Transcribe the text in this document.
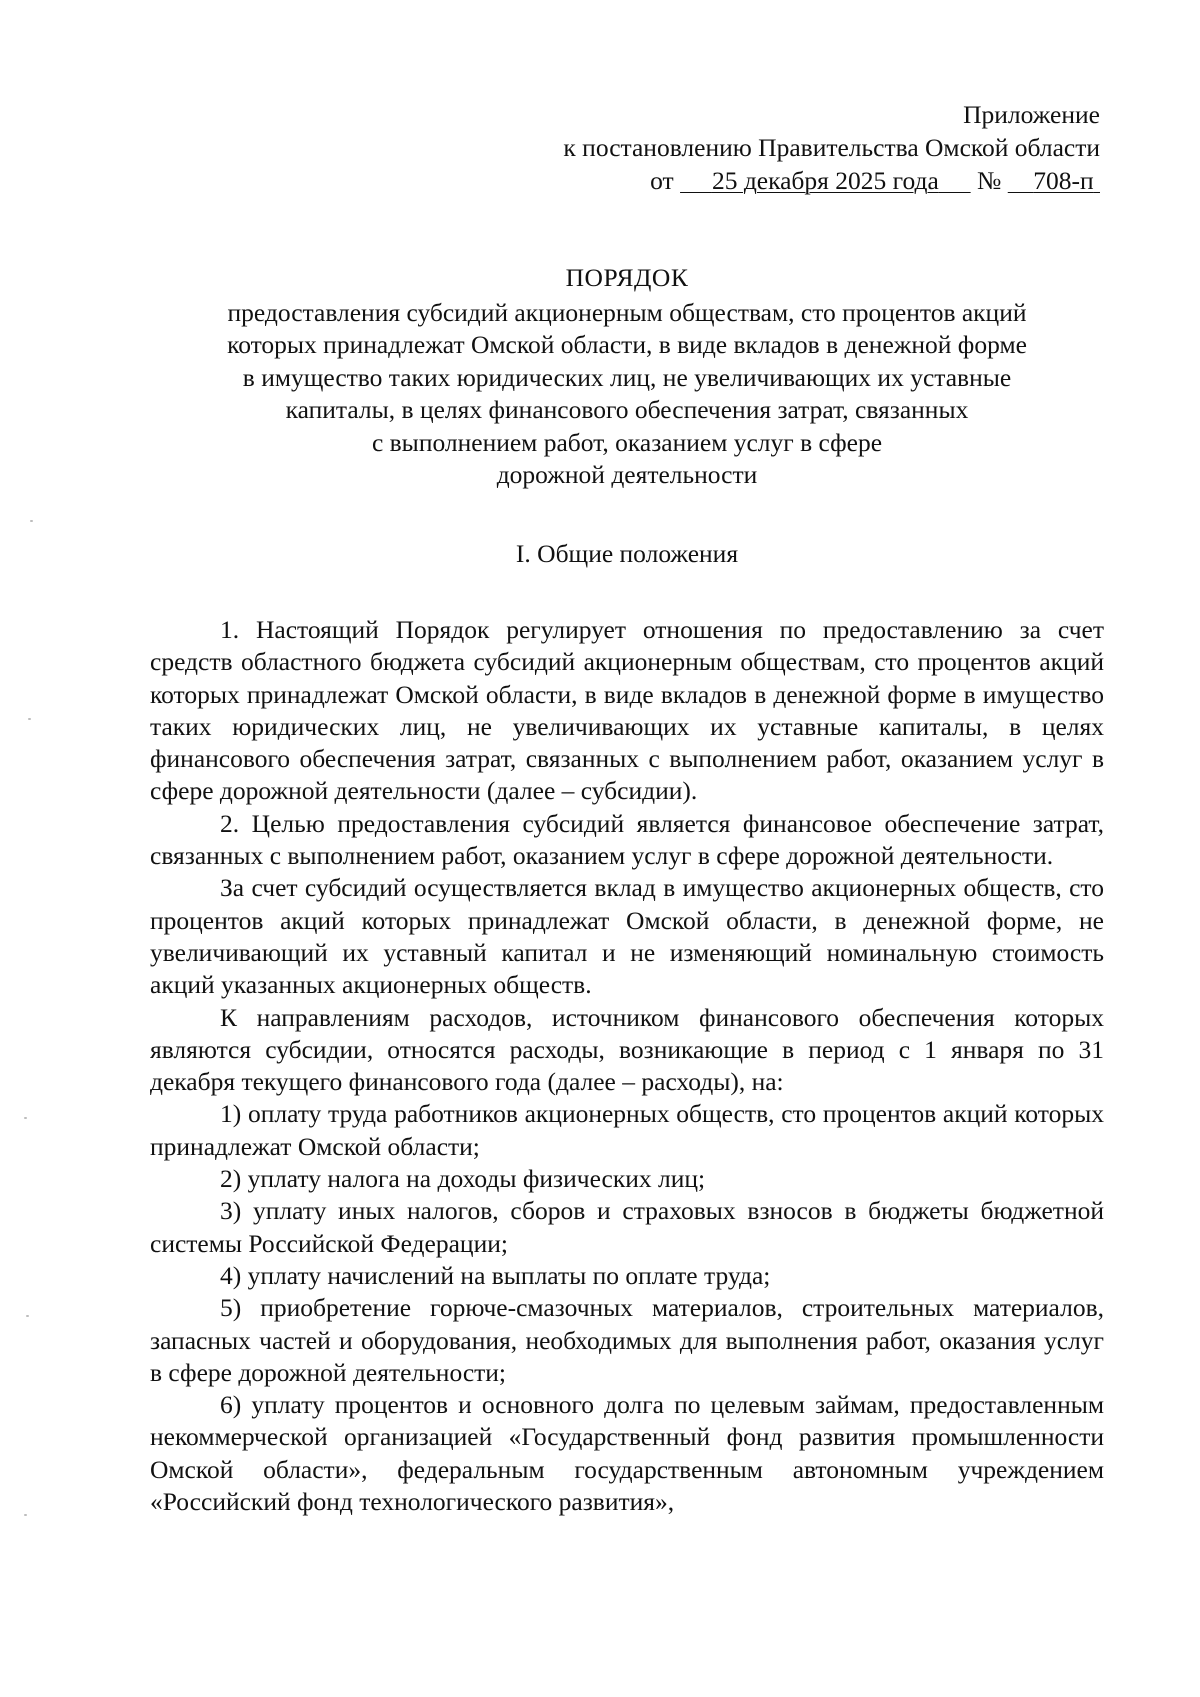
Приложение
к постановлению Правительства Омской области
от 25 декабря 2025 года № 708-п
ПОРЯДОК
предоставления субсидий акционерным обществам, сто процентов акций
которых принадлежат Омской области, в виде вкладов в денежной форме
в имущество таких юридических лиц, не увеличивающих их уставные
капиталы, в целях финансового обеспечения затрат, связанных
с выполнением работ, оказанием услуг в сфере
дорожной деятельности
I. Общие положения

1. Настоящий Порядок регулирует отношения по предоставлению за счет средств областного бюджета субсидий акционерным обществам, сто процентов акций которых принадлежат Омской области, в виде вкладов в денежной форме в имущество таких юридических лиц, не увеличивающих их уставные капиталы, в целях финансового обеспечения затрат, связанных с выполнением работ, оказанием услуг в сфере дорожной деятельности (далее – субсидии).

2. Целью предоставления субсидий является финансовое обеспечение затрат, связанных с выполнением работ, оказанием услуг в сфере дорожной деятельности.

За счет субсидий осуществляется вклад в имущество акционерных обществ, сто процентов акций которых принадлежат Омской области, в денежной форме, не увеличивающий их уставный капитал и не изменяющий номинальную стоимость акций указанных акционерных обществ.

К направлениям расходов, источником финансового обеспечения которых являются субсидии, относятся расходы, возникающие в период с 1 января по 31 декабря текущего финансового года (далее – расходы), на:

1) оплату труда работников акционерных обществ, сто процентов акций которых принадлежат Омской области;

2) уплату налога на доходы физических лиц;

3) уплату иных налогов, сборов и страховых взносов в бюджеты бюджетной системы Российской Федерации;

4) уплату начислений на выплаты по оплате труда;

5) приобретение горюче-смазочных материалов, строительных материалов, запасных частей и оборудования, необходимых для выполнения работ, оказания услуг в сфере дорожной деятельности;

6) уплату процентов и основного долга по целевым займам, предоставленным некоммерческой организацией «Государственный фонд развития промышленности Омской области», федеральным государственным автономным учреждением «Российский фонд технологического развития»,
